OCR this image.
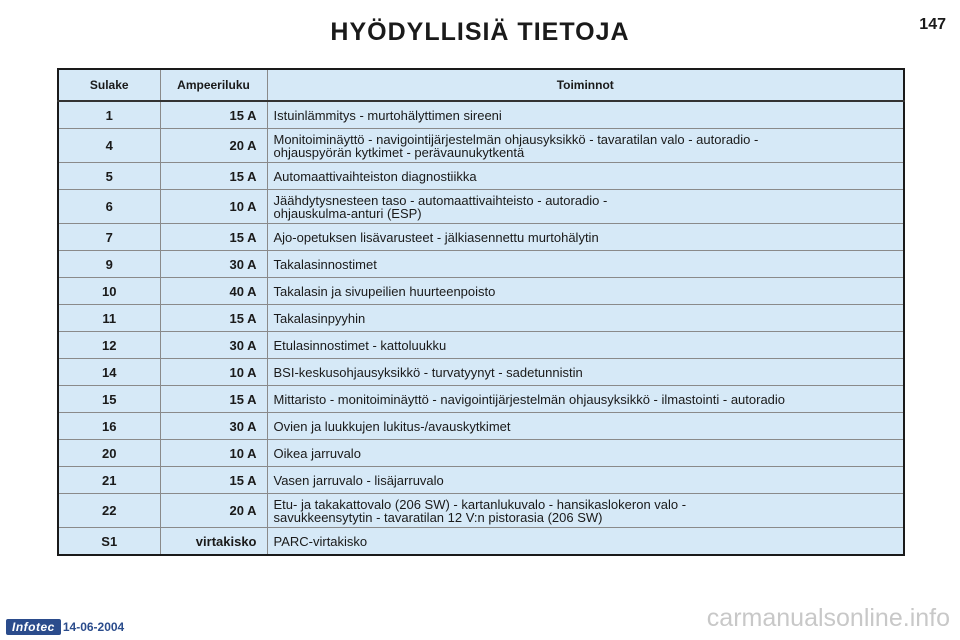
HYÖDYLLISIÄ TIETOJA	147
Sulake	Ampeeriluku	Toiminnot
1	15 A	Istuinlämmitys - murtohälyttimen sireeni
4	20 A	Monitoiminäyttö - navigointijärjestelmän ohjausyksikkö - tavaratilan valo - autoradio -
ohjauspyörän kytkimet - perävaunukytkentä
5	15 A	Automaattivaihteiston diagnostiikka
6	10 A	Jäähdytysnesteen taso - automaattivaihteisto - autoradio -
ohjauskulma-anturi (ESP)
7	15 A	Ajo-opetuksen lisävarusteet - jälkiasennettu murtohälytin
9	30 A	Takalasinnostimet
10	40 A	Takalasin ja sivupeilien huurteenpoisto
11	15 A	Takalasinpyyhin
12	30 A	Etulasinnostimet - kattoluukku
14	10 A	BSI-keskusohjausyksikkö - turvatyynyt - sadetunnistin
15	15 A	Mittaristo - monitoiminäyttö - navigointijärjestelmän ohjausyksikkö - ilmastointi - autoradio
16	30 A	Ovien ja luukkujen lukitus-/avauskytkimet
20	10 A	Oikea jarruvalo
21	15 A	Vasen jarruvalo - lisäjarruvalo
22	20 A	Etu- ja takakattovalo (206 SW) - kartanlukuvalo - hansikaslokeron valo -
savukkeensytytin - tavaratilan 12 V:n pistorasia (206 SW)
S1	virtakisko	PARC-virtakisko
Infotec 14-06-2004	carmanualsonline.info
